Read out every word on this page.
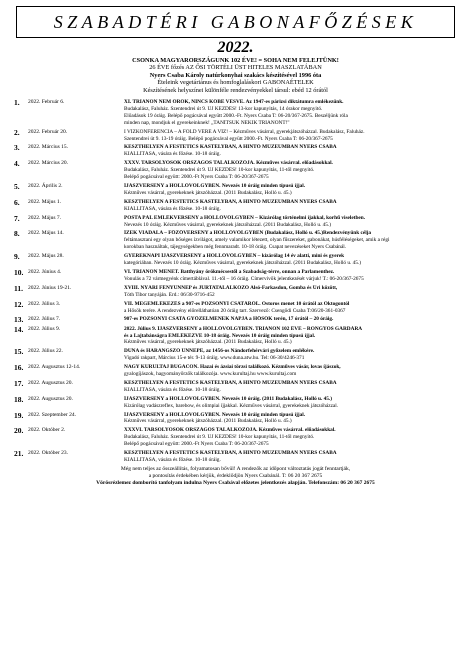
SZABADTÉRI GABONAFŐZÉSEK
2022.
CSONKA MAGYARORSZÁGUNK 102 ÉVE! = SOHA NEM FELEJTÜNK!
26 ÉVE főzés AZ ŐSI TÖRTÉLI ÜST HITELES MASZLATÁBAN
Nyers Csaba Károly natúrkonyhai szakács készítésével 1996 óta
Ételeink vegetáriánus és homfoglaláskori GABONAÉTELEK
Készítésének helyszínei különféle rendezvényekkel társul: ebéd 12 órától
1.	2022. Február 6.	XI. TRIANON NEM ÖRÖK, NINCS KÖBE VÉSVE. Az 1947-es párizsi diktátumra emlékezünk.
Budakalász, Faluház. Szentendrei út 9. ÚJ KEZDÉS! 13-kor kapunyitás, 14 órakor megnyitó.
Előadások 19 óráig. Belépő pogácsával együtt 2000.-Ft. Nyers Csaba T: 06-20/367-2675. Beszéljünk róla
minden nap, mondjuk el gyerekeinknek! „TANÍTSUK NEKIK TRIANONT!"
2.	2022. Február 20.	I VÍZKONFERENCIA – A FÖLD VÉRE A VÍZ! – Kézműves vásárral, gyerekjátszóházzal. Budakalász, Faluház.
Szentendrei út 9. 13-19 óráig. Belépő pogácsával együtt 2000.-Ft. Nyers Csaba T: 06-20/367-2675
3.	2022. Március 15.	KESZTHELYEN A FESTETICS KASTÉLYBAN, A HINTÓ MÚZEUMBAN NYERS CSABA
KIÁLLÍTÁSA, vására és főzése. 10-18 óráig.
4.	2022. Március 20.	XXXV. TARSOLYOSOK ORSZÁGOS TALÁLKOZÓJA. Kézműves vásárral. előadásokkal.
Budakalász, Faluház. Szentendrei út 9. ÚJ KEZDÉS! 10-kor kapunyitás, 11-től megnyitó.
Belépő pogácsával együtt: 2000.-Ft Nyers Csaba T: 06-20/367-2675
5.	2022. Április 2.	ÍJÁSZVERSENY a HOLLÓVÖLGYBEN. Nevezés 10 óráig minden típusú íjjal.
Kézműves vásárral, gyerekeknek játszóházzal. (2011 Budakalász, Holló u. 45.)
6.	2022. Május 1.	KESZTHELYEN A FESTETICS KASTÉLYBAN, A HINTÓ MÚZEUMBAN NYERS CSABA
KIÁLLÍTÁSA, vására és főzése. 10-18 óráig.
7.	2022. Május 7.	POSTA PÁL EMLÉKVERSENY a HOLLÓVÖLGYBEN – Kizárólag történelmi íjakkal, korhű viseletben.
Nevezés 10 óráig. Kézműves vásárral, gyerekeknek játszóházzal. (2011 Budakalász, Holló u. 45.)
8.	2022. Május 14.	ÍZEK VIADALA – FŐZŐVERSENY a HOLLÓVÖLGYBEN (Budakalász, Holló u. 45.)Rendezvényünk célja
feltámasztani egy olyan bőséges ízvilágot, amely valamikor létezett, olyan fűszereket, gabonákat, húsféléségeket, amik a régi
korokban használtak, tájegységekben még fennmaradt. 10-18 óráig. Csapat nevezéseket Nyers Csabánál.
9.	2022. Május 28.	GYEREKNAPI ÍJÁSZVERSENY a HOLLÓVÖLGYBEN – kizárólag 14 év alatti, mini és gyerek
kategóriában. Nevezés 10 óráig. Kézműves vásárral, gyerekeknek játszóházzal. (2011 Budakalász, Holló u. 45.)
10. 2022. Június 4.	VI. TRIANON MENET. Batthyány örökmécsestől a Szabadság-térre, onnan a Parlamenthez.
Vonulás a 72 vármegyénk címertáblával. 11.-től – 16 óráig. Címervivők jelentkezését várjuk! T.: 06-20/367-2675
11. 2022. Június 19-21.	XVIII. NYÁRI FÉNYÜNNEP és JURTATALÁLKOZÓ Alsó-Farkasdon, Gomba és Úri között,
Tóth Tibor tanyáján. Érd.: 06/30-9716-452
12. 2022. Július 3.	VII. MEGEMLÉKEZÉS a 907-es POZSONYI CSATÁRÓL. Ostoros menet 10 órától az Oktogontól
a Hősök terére. A rendezvény előrelláthatóan 20 óráig tart. Szervező: Csengődi Csaba T:06/20-361-0367
13. 2022. Július 7.	907-es POZSONYI CSATA GYŐZELMÉNEK NAPJA a HŐSÖK terén, 17 órától – 20 óráig.
14. 2022. Július 9.	2022. Július 9. ÍJÁSZVERSENY a HOLLÓVÖLGYBEN. TRIANON 102 ÉVE – RONGYOS GÁRDÁRA
és a Lajtabánságra EMLÉKEZVE 10-18 óráig. Nevezés 10 óráig minden típusú íjjal.
Kézműves vásárral, gyerekeknek játszóházzal. (2011 Budakalász, Holló u. 45.)
15. 2022. Július 22.	DUNA és HARANGSZÓ ÜNNEPE, az 1456-os Nándorfehérvári győzelem emlékére.
Vigadó rakpart, Március 15-e tér. 9-13 óráig. www.duna.atw.hu. Tel: 06-30/4246-371
16. 2022. Augusztus 12-14.	NAGY KURULTAJ BUGACON. Hazai és ázsiai törzsi találkozó. Kézműves vásár, lovas íjászok,
gyalogíjászok, hagyományőrzők találkozója. www.kurultaj.hu www.kurultaj.com
17. 2022. Augusztus 20.	KESZTHELYEN A FESTETICS KASTÉLYBAN, A HINTÓ MÚZEUMBAN NYERS CSABA
KIÁLLÍTÁSA, vására és főzése. 10-18 óráig.
18. 2022. Augusztus 20.	ÍJÁSZVERSENY a HOLLÓVÖLGYBEN. Nevezés 10 óráig. (2011 Budakalász, Holló u. 45.)
Kizárólag vadászreflex, barebow, és olimpiai íjjakkal. Kézműves vásárral, gyerekeknek játszóházzal.
19. 2022. Szeptember 24.	ÍJÁSZVERSENY a HOLLÓVÖLGYBEN. Nevezés 10 óráig minden típusú íjjal.
Kézműves vásárral, gyerekeknek játszóházzal. (2011 Budakalász, Holló u. 45.)
20. 2022. Október 2.	XXXVI. TARSOLYOSOK ORSZÁGOS TALÁLKOZÓJA. Kézműves vásárral. előadásokkal.
Budakalász, Faluház. Szentendrei út 9. ÚJ KEZDÉS! 10-kor kapunyitás, 11-től megnyitó.
Belépő pogácsával együtt: 2000.-Ft Nyers Csaba T: 06-20/367-2675
21. 2022. Október 23.	KESZTHELYEN A FESTETICS KASTÉLYBAN, A HINTÓ MÚZEUMBAN NYERS CSABA
KIÁLLÍTÁSA, vására és főzése. 10-18 óráig.
Még nem teljes az összeállítás, folyamatosan bővül! A rendezők az időpont változtatás jogát fenntartják,
a pontosítás érdekében kérjük, érdeklődjön Nyers Csabánál. T: 06 20 367 2675
Vörösrézlemez domborító tanfolyam indulna Nyers Csabával előzetes jelentkezés alapján. Telefonszám: 06 20 367 2675
